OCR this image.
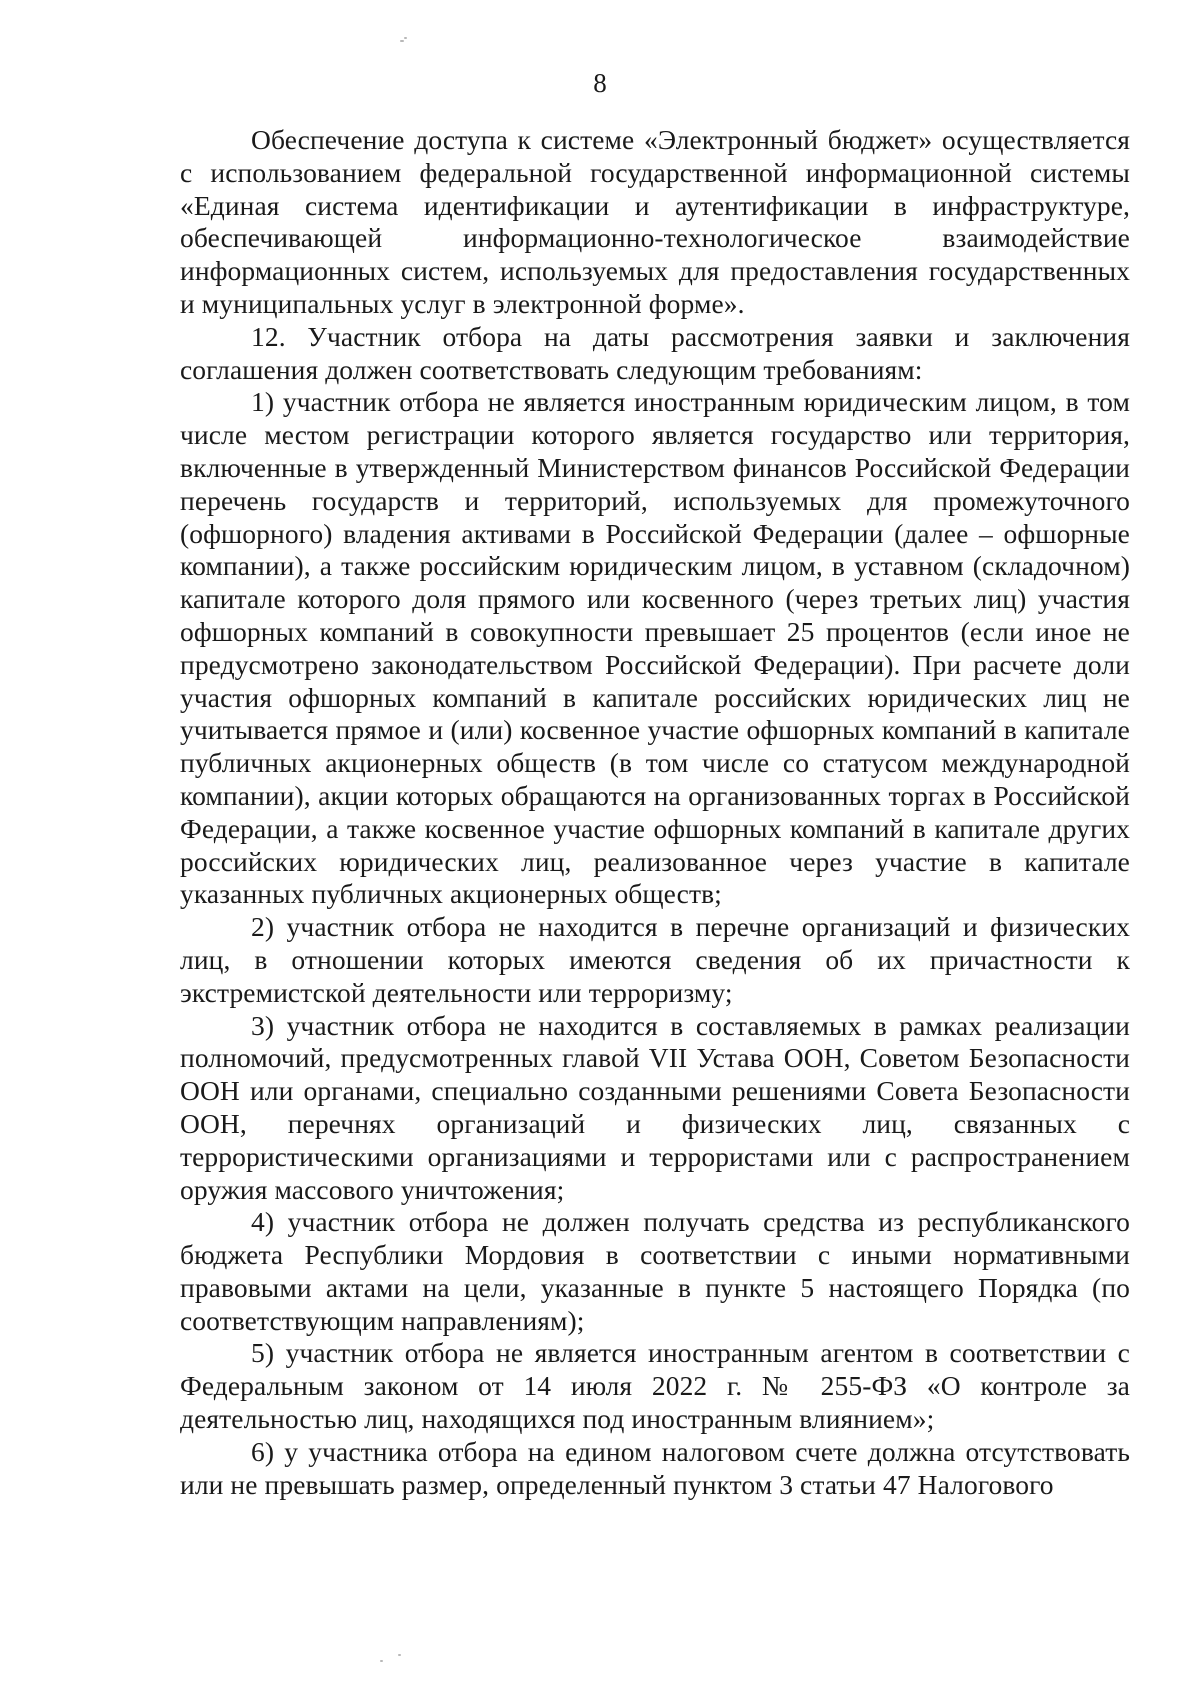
8

Обеспечение доступа к системе «Электронный бюджет» осуществляется с использованием федеральной государственной информационной системы «Единая система идентификации и аутентификации в инфраструктуре, обеспечивающей информационно-технологическое взаимодействие информационных систем, используемых для предоставления государственных и муниципальных услуг в электронной форме».

12. Участник отбора на даты рассмотрения заявки и заключения соглашения должен соответствовать следующим требованиям:

1) участник отбора не является иностранным юридическим лицом, в том числе местом регистрации которого является государство или территория, включенные в утвержденный Министерством финансов Российской Федерации перечень государств и территорий, используемых для промежуточного (офшорного) владения активами в Российской Федерации (далее – офшорные компании), а также российским юридическим лицом, в уставном (складочном) капитале которого доля прямого или косвенного (через третьих лиц) участия офшорных компаний в совокупности превышает 25 процентов (если иное не предусмотрено законодательством Российской Федерации). При расчете доли участия офшорных компаний в капитале российских юридических лиц не учитывается прямое и (или) косвенное участие офшорных компаний в капитале публичных акционерных обществ (в том числе со статусом международной компании), акции которых обращаются на организованных торгах в Российской Федерации, а также косвенное участие офшорных компаний в капитале других российских юридических лиц, реализованное через участие в капитале указанных публичных акционерных обществ;

2) участник отбора не находится в перечне организаций и физических лиц, в отношении которых имеются сведения об их причастности к экстремистской деятельности или терроризму;

3) участник отбора не находится в составляемых в рамках реализации полномочий, предусмотренных главой VII Устава ООН, Советом Безопасности ООН или органами, специально созданными решениями Совета Безопасности ООН, перечнях организаций и физических лиц, связанных с террористическими организациями и террористами или с распространением оружия массового уничтожения;

4) участник отбора не должен получать средства из республиканского бюджета Республики Мордовия в соответствии с иными нормативными правовыми актами на цели, указанные в пункте 5 настоящего Порядка (по соответствующим направлениям);

5) участник отбора не является иностранным агентом в соответствии с Федеральным законом от 14 июля 2022 г. № 255-ФЗ «О контроле за деятельностью лиц, находящихся под иностранным влиянием»;

6) у участника отбора на едином налоговом счете должна отсутствовать или не превышать размер, определенный пунктом 3 статьи 47 Налогового
